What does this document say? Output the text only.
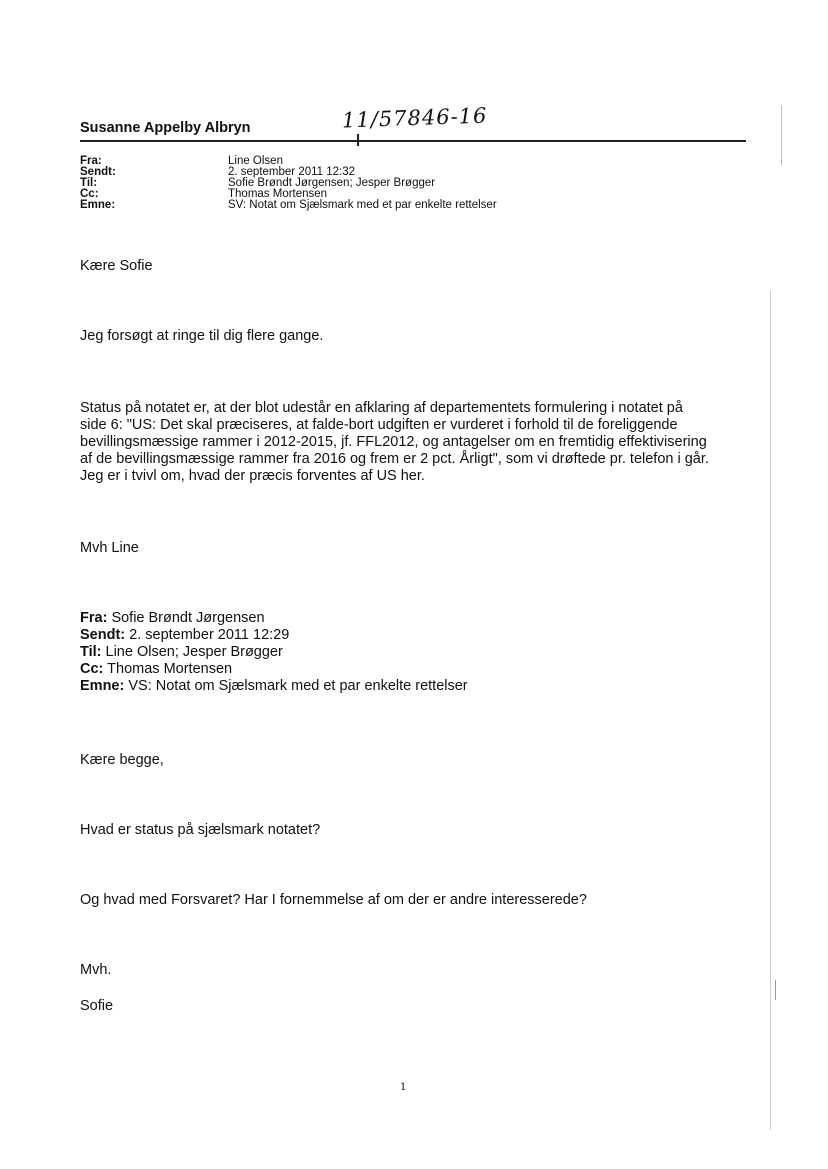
Susanne Appelby Albryn	11/57846-16
Fra:	Line Olsen
Sendt:	2. september 2011 12:32
Til:	Sofie Brøndt Jørgensen; Jesper Brøgger
Cc:	Thomas Mortensen
Emne:	SV: Notat om Sjælsmark med et par enkelte rettelser
Kære Sofie
Jeg forsøgt at ringe til dig flere gange.
Status på notatet er, at der blot udestår en afklaring af departementets formulering i notatet på
side 6: "US: Det skal præciseres, at falde-bort udgiften er vurderet i forhold til de foreliggende
bevillingsmæssige rammer i 2012-2015, jf. FFL2012, og antagelser om en fremtidig effektivisering
af de bevillingsmæssige rammer fra 2016 og frem er 2 pct. Årligt", som vi drøftede pr. telefon i går.
Jeg er i tvivl om, hvad der præcis forventes af US her.
Mvh Line
Fra: Sofie Brøndt Jørgensen
Sendt: 2. september 2011 12:29
Til: Line Olsen; Jesper Brøgger
Cc: Thomas Mortensen
Emne: VS: Notat om Sjælsmark med et par enkelte rettelser
Kære begge,
Hvad er status på sjælsmark notatet?
Og hvad med Forsvaret? Har I fornemmelse af om der er andre interesserede?
Mvh.
Sofie
1
